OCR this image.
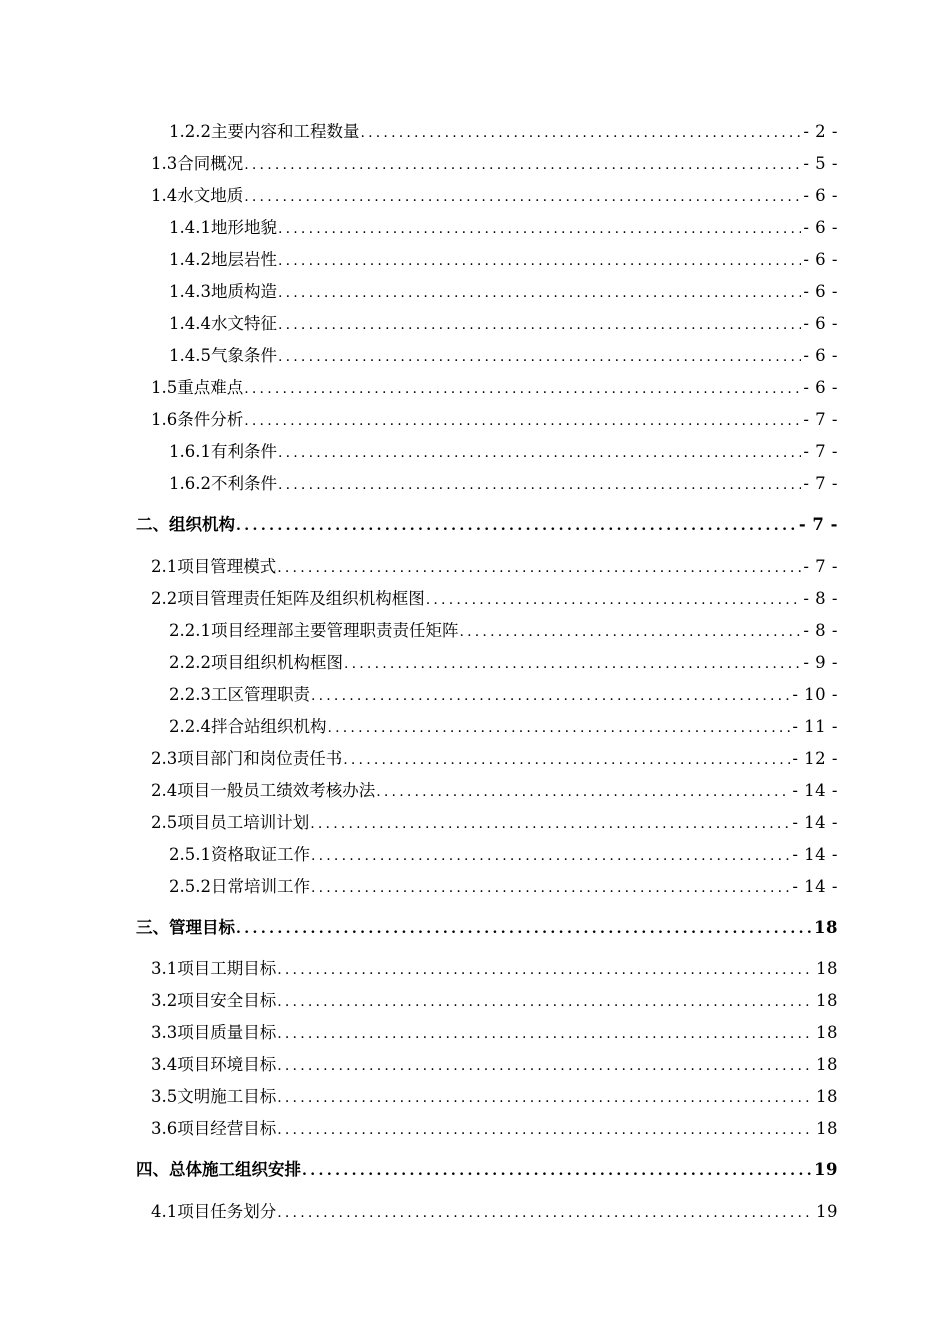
1.2.2主要内容和工程数量 .....	- 2 -
1.3合同概况 .....	- 5 -
1.4水文地质 .....	- 6 -
1.4.1地形地貌 .....	- 6 -
1.4.2地层岩性 .....	- 6 -
1.4.3地质构造 .....	- 6 -
1.4.4水文特征 .....	- 6 -
1.4.5气象条件 .....	- 6 -
1.5重点难点 .....	- 6 -
1.6条件分析 .....	- 7 -
1.6.1有利条件 .....	- 7 -
1.6.2不利条件 .....	- 7 -
二、组织机构 .....	- 7 -
2.1项目管理模式 .....	- 7 -
2.2项目管理责任矩阵及组织机构框图 .....	- 8 -
2.2.1项目经理部主要管理职责责任矩阵 .....	- 8 -
2.2.2项目组织机构框图 .....	- 9 -
2.2.3工区管理职责 .....	- 10 -
2.2.4拌合站组织机构 .....	- 11 -
2.3项目部门和岗位责任书 .....	- 12 -
2.4项目一般员工绩效考核办法 .....	- 14 -
2.5项目员工培训计划 .....	- 14 -
2.5.1资格取证工作 .....	- 14 -
2.5.2日常培训工作 .....	- 14 -
三、管理目标 .....	18
3.1项目工期目标 .....	18
3.2项目安全目标 .....	18
3.3项目质量目标 .....	18
3.4项目环境目标 .....	18
3.5文明施工目标 .....	18
3.6项目经营目标 .....	18
四、总体施工组织安排 .....	19
4.1项目任务划分 .....	19
